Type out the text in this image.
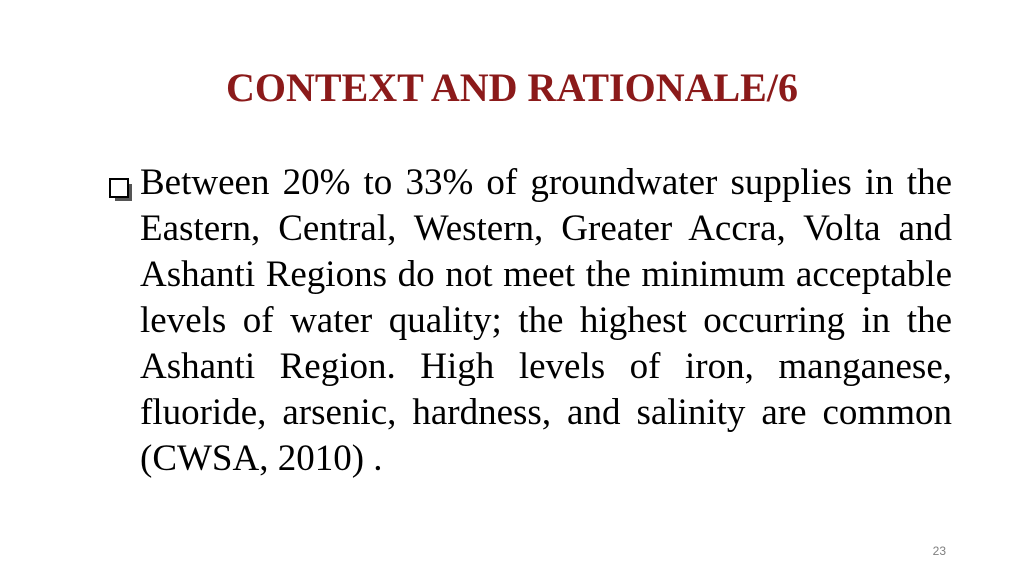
CONTEXT AND RATIONALE/6
Between 20% to 33% of groundwater supplies in the Eastern, Central, Western, Greater Accra, Volta and Ashanti Regions do not meet the minimum acceptable levels of water quality; the highest occurring in the Ashanti Region. High levels of iron, manganese, fluoride, arsenic, hardness, and salinity are common (CWSA, 2010) .
23
